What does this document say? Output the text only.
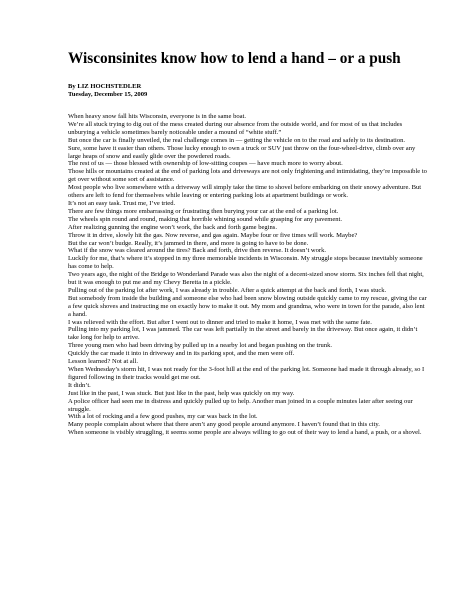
Wisconsinites know how to lend a hand – or a push
By LIZ HOCHSTEDLER
Tuesday, December 15, 2009

When heavy snow fall hits Wisconsin, everyone is in the same boat.

We’re all stuck trying to dig out of the mess created during our absence from the outside world, and for most of us that includes unburying a vehicle sometimes barely noticeable under a mound of “white stuff.”

But once the car is finally unveiled, the real challenge comes in — getting the vehicle on to the road and safely to its destination.

Sure, some have it easier than others. Those lucky enough to own a truck or SUV just throw on the four-wheel-drive, climb over any large heaps of snow and easily glide over the powdered roads.

The rest of us — those blessed with ownership of low-sitting coupes — have much more to worry about.

Those hills or mountains created at the end of parking lots and driveways are not only frightening and intimidating, they’re impossible to get over without some sort of assistance.

Most people who live somewhere with a driveway will simply take the time to shovel before embarking on their snowy adventure. But others are left to fend for themselves while leaving or entering parking lots at apartment buildings or work.

It’s not an easy task. Trust me, I’ve tried.

There are few things more embarrassing or frustrating then burying your car at the end of a parking lot.

The wheels spin round and round, making that horrible whining sound while grasping for any pavement.

After realizing gunning the engine won’t work, the back and forth game begins.

Throw it in drive, slowly hit the gas. Now reverse, and gas again. Maybe four or five times will work. Maybe?

But the car won’t budge. Really, it’s jammed in there, and more is going to have to be done.

What if the snow was cleared around the tires? Back and forth, drive then reverse. It doesn’t work.

Luckily for me, that’s where it’s stopped in my three memorable incidents in Wisconsin. My struggle stops because inevitably someone has come to help.

Two years ago, the night of the Bridge to Wonderland Parade was also the night of a decent-sized snow storm. Six inches fell that night, but it was enough to put me and my Chevy Beretta in a pickle.

Pulling out of the parking lot after work, I was already in trouble. After a quick attempt at the back and forth, I was stuck.

But somebody from inside the building and someone else who had been snow blowing outside quickly came to my rescue, giving the car a few quick shoves and instructing me on exactly how to make it out. My mom and grandma, who were in town for the parade, also lent a hand.

I was relieved with the effort. But after I went out to dinner and tried to make it home, I was met with the same fate.

Pulling into my parking lot, I was jammed. The car was left partially in the street and barely in the driveway. But once again, it didn’t take long for help to arrive.

Three young men who had been driving by pulled up in a nearby lot and began pushing on the trunk.

Quickly the car made it into in driveway and in its parking spot, and the men were off.

Lesson learned? Not at all.

When Wednesday’s storm hit, I was not ready for the 3-foot hill at the end of the parking lot. Someone had made it through already, so I figured following in their tracks would get me out.

It didn’t.

Just like in the past, I was stuck. But just like in the past, help was quickly on my way.

A police officer had seen me in distress and quickly pulled up to help. Another man joined in a couple minutes later after seeing our struggle.

With a lot of rocking and a few good pushes, my car was back in the lot.

Many people complain about where that there aren’t any good people around anymore. I haven’t found that in this city.

When someone is visibly struggling, it seems some people are always willing to go out of their way to lend a hand, a push, or a shovel.
